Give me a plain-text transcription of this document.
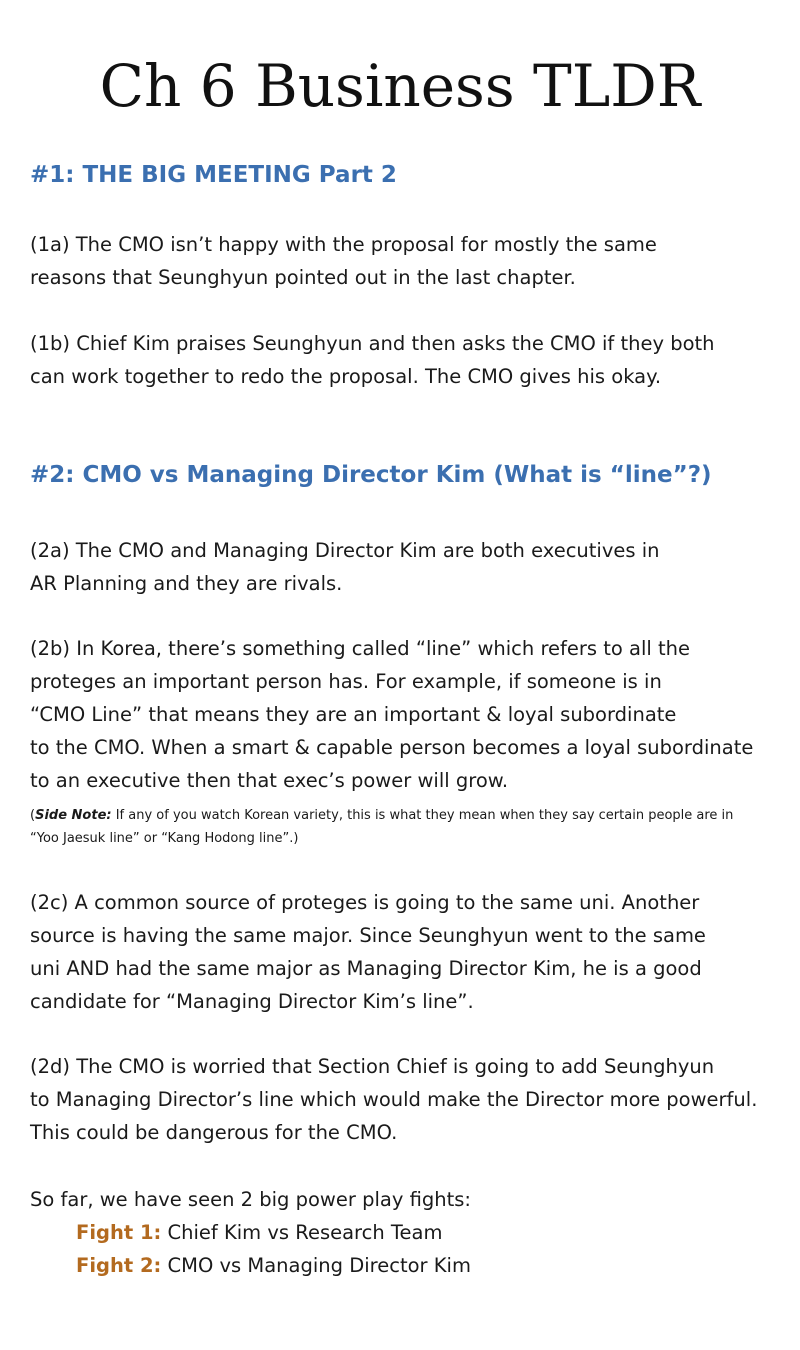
Ch 6 Business TLDR
#1: THE BIG MEETING Part 2
(1a) The CMO isn’t happy with the proposal for mostly the same
reasons that Seunghyun pointed out in the last chapter.
(1b) Chief Kim praises Seunghyun and then asks the CMO if they both
can work together to redo the proposal. The CMO gives his okay.
#2: CMO vs Managing Director Kim (What is “line”?)
(2a) The CMO and Managing Director Kim are both executives in
AR Planning and they are rivals.
(2b) In Korea, there’s something called “line” which refers to all the
proteges an important person has. For example, if someone is in
“CMO Line” that means they are an important & loyal subordinate
to the CMO. When a smart & capable person becomes a loyal subordinate
to an executive then that exec’s power will grow.
(Side Note: If any of you watch Korean variety, this is what they mean when they say certain people are in
“Yoo Jaesuk line” or “Kang Hodong line”.)
(2c) A common source of proteges is going to the same uni. Another
source is having the same major. Since Seunghyun went to the same
uni AND had the same major as Managing Director Kim, he is a good
candidate for “Managing Director Kim’s line”.
(2d) The CMO is worried that Section Chief is going to add Seunghyun
to Managing Director’s line which would make the Director more powerful.
This could be dangerous for the CMO.
So far, we have seen 2 big power play fights:
Fight 1: Chief Kim vs Research Team
Fight 2: CMO vs Managing Director Kim
